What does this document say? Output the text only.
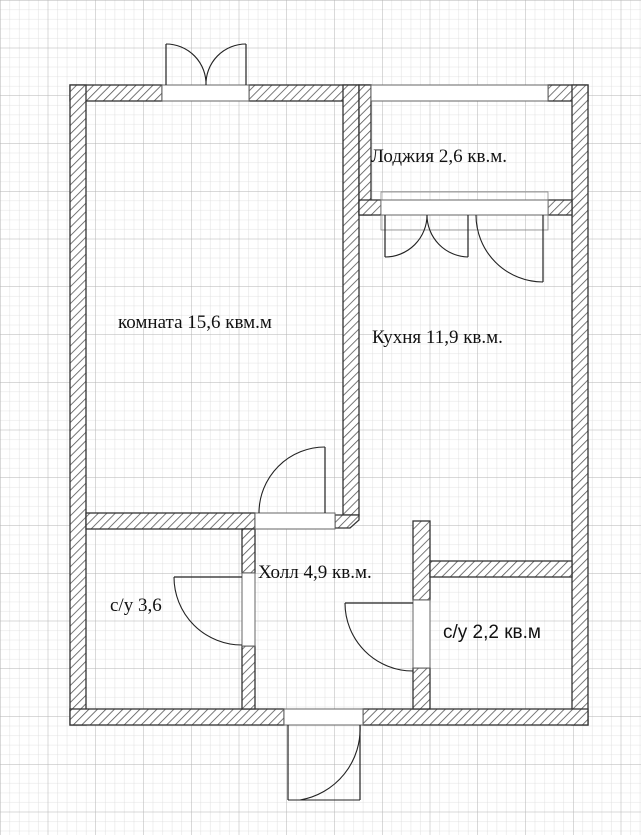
комната 15,6 квм.м
Лоджия 2,6 кв.м.
Кухня 11,9 кв.м.
Холл 4,9 кв.м.
с/у 3,6
с/у 2,2 кв.м
